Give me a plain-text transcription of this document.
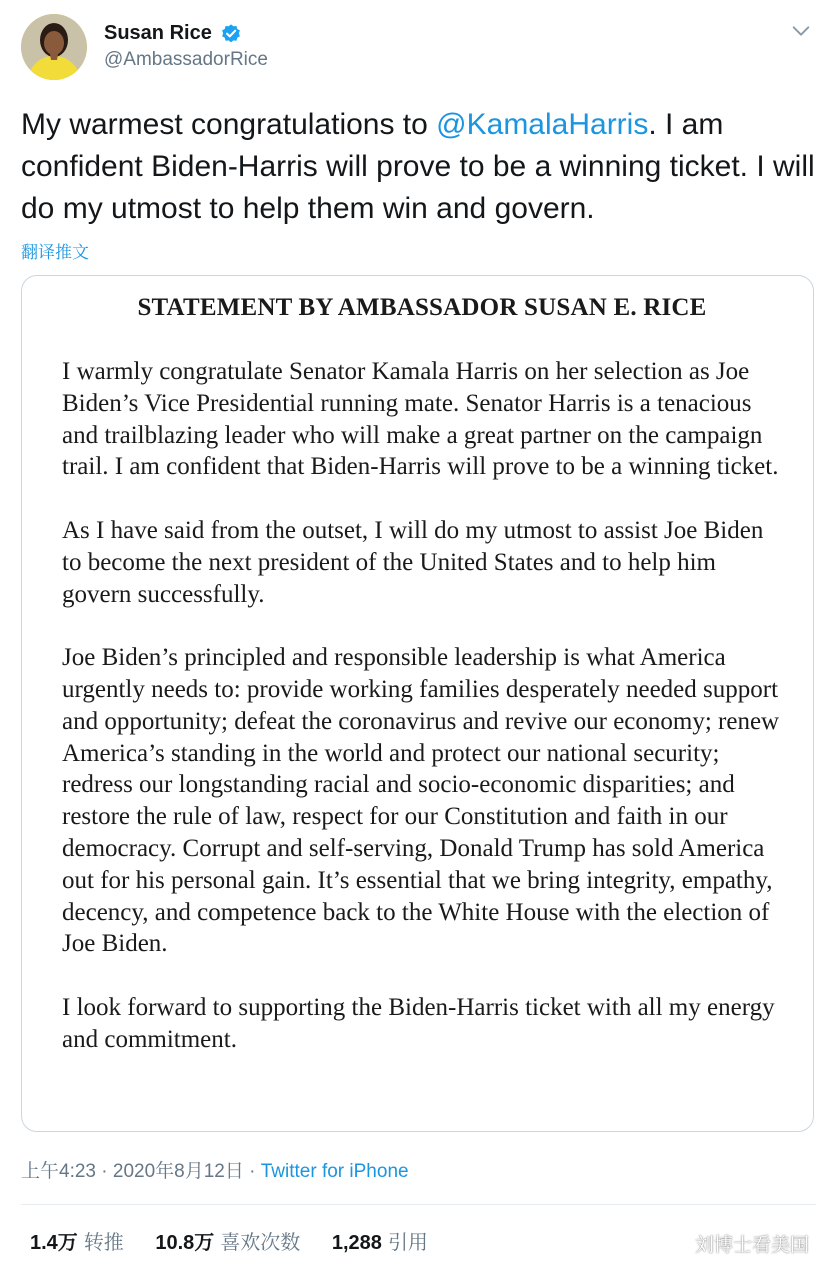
Susan Rice
@AmbassadorRice

My warmest congratulations to @KamalaHarris. I am confident Biden-Harris will prove to be a winning ticket. I will do my utmost to help them win and govern.

翻译推文
STATEMENT BY AMBASSADOR SUSAN E. RICE

I warmly congratulate Senator Kamala Harris on her selection as Joe Biden’s Vice Presidential running mate. Senator Harris is a tenacious and trailblazing leader who will make a great partner on the campaign trail. I am confident that Biden-Harris will prove to be a winning ticket.

As I have said from the outset, I will do my utmost to assist Joe Biden to become the next president of the United States and to help him govern successfully.

Joe Biden’s principled and responsible leadership is what America urgently needs to: provide working families desperately needed support and opportunity; defeat the coronavirus and revive our economy; renew America’s standing in the world and protect our national security; redress our longstanding racial and socio-economic disparities; and restore the rule of law, respect for our Constitution and faith in our democracy. Corrupt and self-serving, Donald Trump has sold America out for his personal gain. It’s essential that we bring integrity, empathy, decency, and competence back to the White House with the election of Joe Biden.

I look forward to supporting the Biden-Harris ticket with all my energy and commitment.

上午4:23 · 2020年8月12日 · Twitter for iPhone
1.4万 转推 10.8万 喜欢次数 1,288 引用	刘博士看美国
